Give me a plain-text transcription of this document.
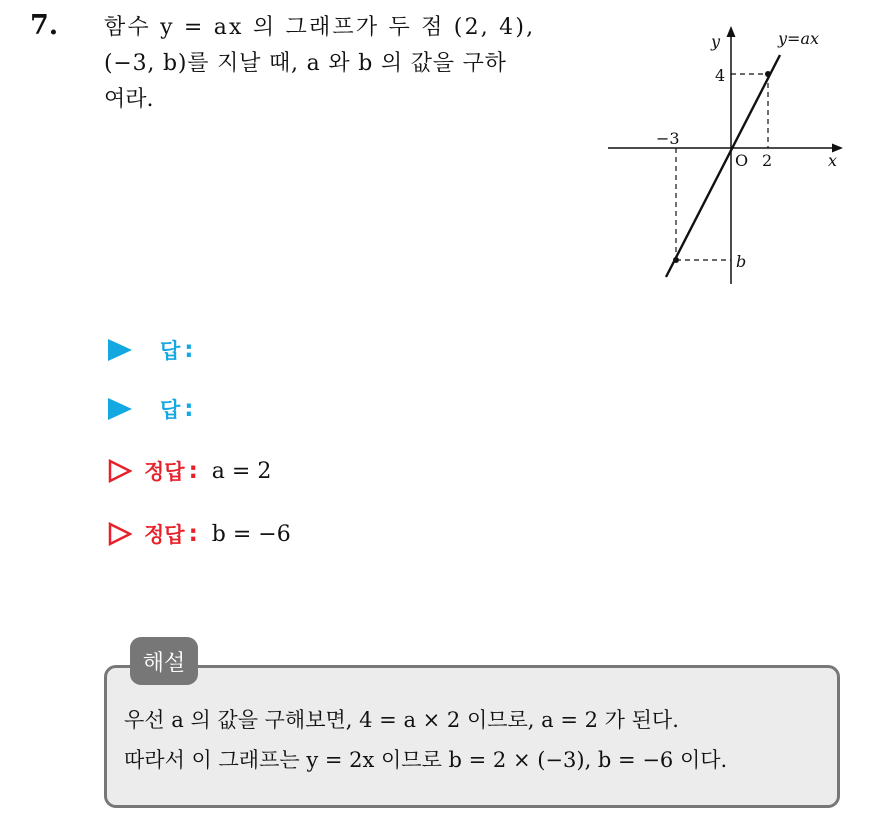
7. 함수 y = ax 의 그래프가 두 점 (2, 4),
(−3, b)를 지날 때, a 와 b 의 값을 구하
여라.
y	y=ax
4
−3
O 2	x
b
답 :
답 :
정답 : a = 2
정답 : b = −6
해설
우선 a 의 값을 구해보면, 4 = a × 2 이므로, a = 2 가 된다.
따라서 이 그래프는 y = 2x 이므로 b = 2 × (−3), b = −6 이다.
